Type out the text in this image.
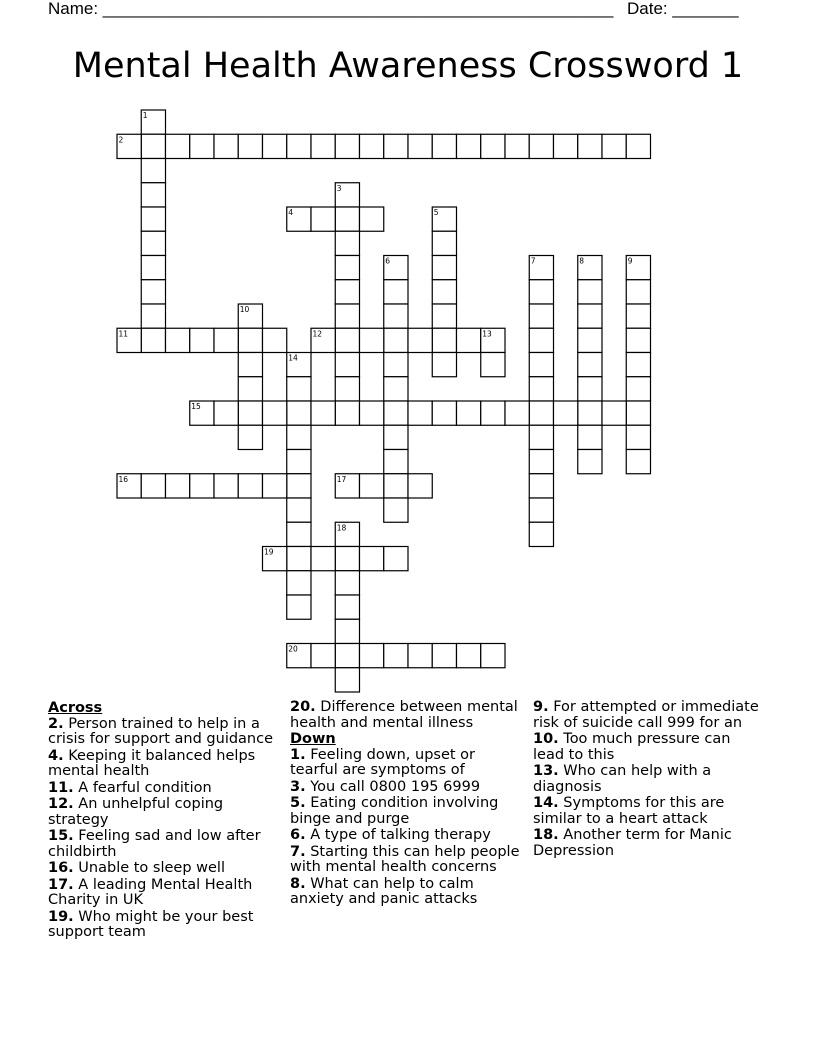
Name: ______________________________________________________ Date: _______
Mental Health Awareness Crossword 1
1
2
3
4	5
6	7	8	9
10
11	12	13
14
15
16	17
18
19
20
Across
2. Person trained to help in a crisis for support and guidance
4. Keeping it balanced helps mental health
11. A fearful condition
12. An unhelpful coping strategy
15. Feeling sad and low after childbirth
16. Unable to sleep well
17. A leading Mental Health Charity in UK
19. Who might be your best support team
20. Difference between mental health and mental illness
Down
1. Feeling down, upset or tearful are symptoms of
3. You call 0800 195 6999
5. Eating condition involving binge and purge
6. A type of talking therapy
7. Starting this can help people with mental health concerns
8. What can help to calm anxiety and panic attacks
9. For attempted or immediate risk of suicide call 999 for an
10. Too much pressure can lead to this
13. Who can help with a diagnosis
14. Symptoms for this are similar to a heart attack
18. Another term for Manic Depression
